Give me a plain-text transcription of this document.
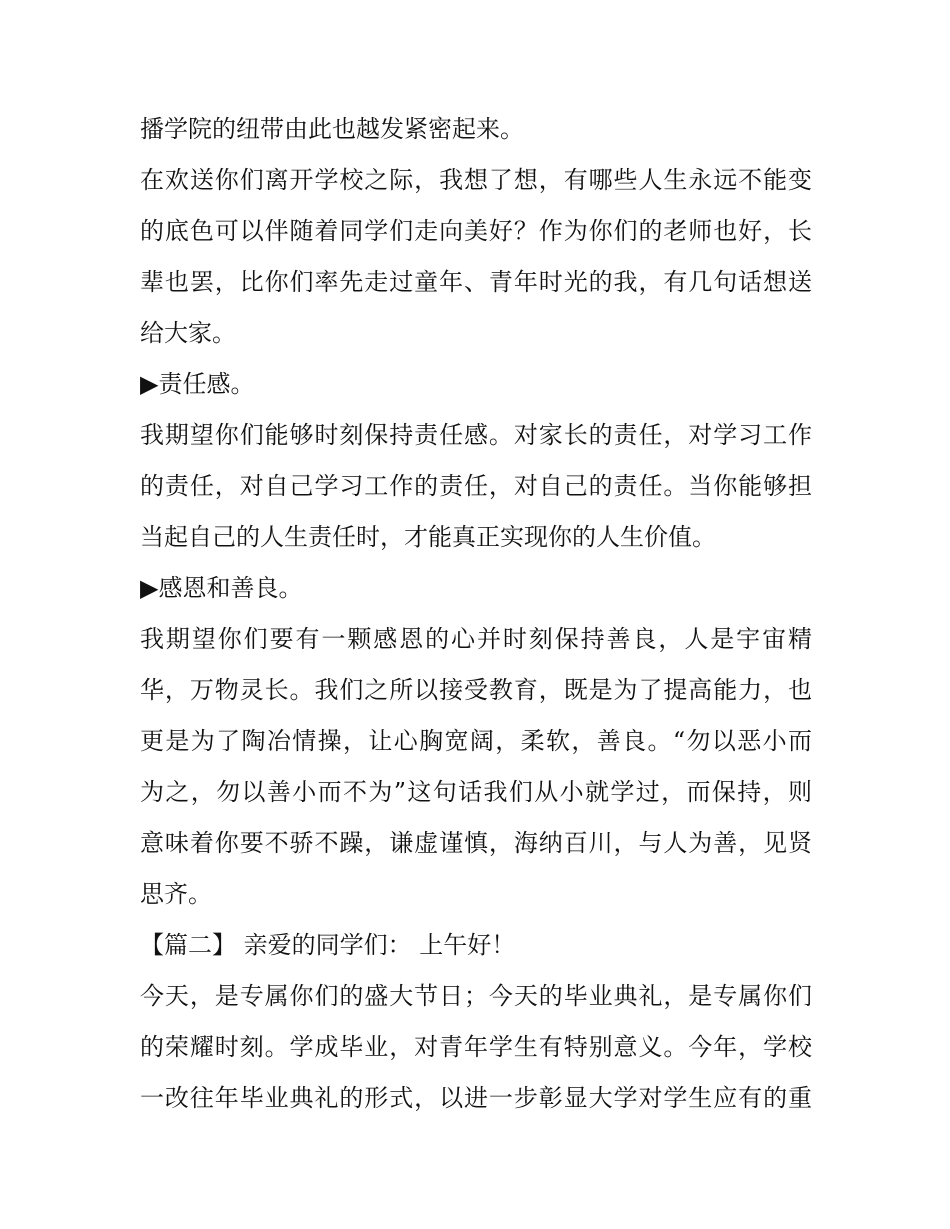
播学院的纽带由此也越发紧密起来。
在欢送你们离开学校之际，我想了想，有哪些人生永远不能变
的底色可以伴随着同学们走向美好？作为你们的老师也好，长
辈也罢，比你们率先走过童年、青年时光的我，有几句话想送
给大家。
▶责任感。
我期望你们能够时刻保持责任感。对家长的责任，对学习工作
的责任，对自己学习工作的责任，对自己的责任。当你能够担
当起自己的人生责任时，才能真正实现你的人生价值。
▶感恩和善良。
我期望你们要有一颗感恩的心并时刻保持善良，人是宇宙精
华，万物灵长。我们之所以接受教育，既是为了提高能力，也
更是为了陶冶情操，让心胸宽阔，柔软，善良。“勿以恶小而
为之，勿以善小而不为”这句话我们从小就学过，而保持，则
意味着你要不骄不躁，谦虚谨慎，海纳百川，与人为善，见贤
思齐。
【篇二】 亲爱的同学们： 上午好！
今天，是专属你们的盛大节日；今天的毕业典礼，是专属你们
的荣耀时刻。学成毕业，对青年学生有特别意义。今年，学校
一改往年毕业典礼的形式，以进一步彰显大学对学生应有的重
